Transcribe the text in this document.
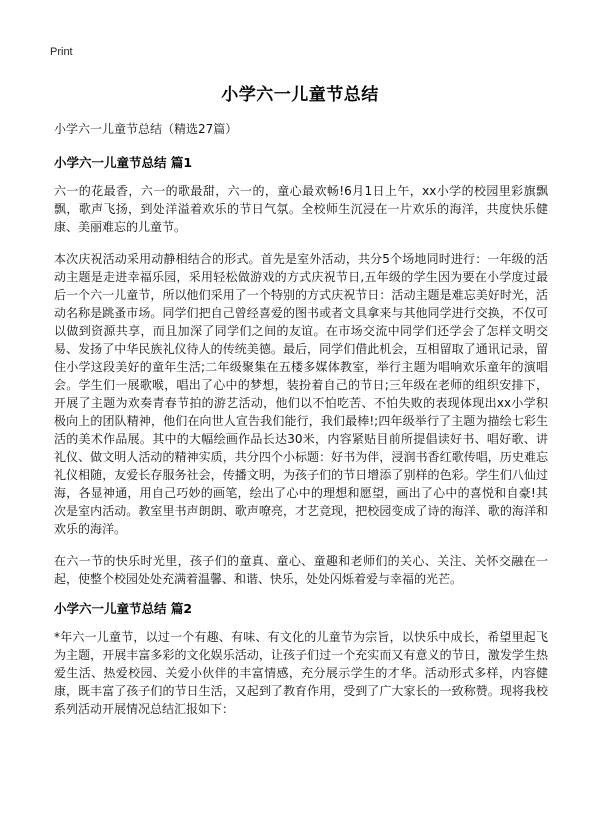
Print
小学六一儿童节总结

小学六一儿童节总结（精选27篇）

小学六一儿童节总结 篇1

六一的花最香，六一的歌最甜，六一的，童心最欢畅!6月1日上午，xx小学的校园里彩旗飘飘，歌声飞扬，到处洋溢着欢乐的节日气氛。全校师生沉浸在一片欢乐的海洋，共度快乐健康、美丽难忘的儿童节。

本次庆祝活动采用动静相结合的形式。首先是室外活动，共分5个场地同时进行：一年级的活动主题是走进幸福乐园，采用轻松做游戏的方式庆祝节日,五年级的学生因为要在小学度过最后一个六一儿童节，所以他们采用了一个特别的方式庆祝节日：活动主题是难忘美好时光，活动名称是跳蚤市场。同学们把自己曾经喜爱的图书或者文具拿来与其他同学进行交换，不仅可以做到资源共享，而且加深了同学们之间的友谊。在市场交流中同学们还学会了怎样文明交易、发扬了中华民族礼仪待人的传统美德。最后，同学们借此机会，互相留取了通讯记录，留住小学这段美好的童年生活;二年级聚集在五楼多媒体教室，举行主题为唱响欢乐童年的演唱会。学生们一展歌喉，唱出了心中的梦想，装扮着自己的节日;三年级在老师的组织安排下，开展了主题为欢奏青春节拍的游艺活动，他们以不怕吃苦、不怕失败的表现体现出xx小学积极向上的团队精神，他们在向世人宣告我们能行，我们最棒!;四年级举行了主题为描绘七彩生活的美术作品展。其中的大幅绘画作品长达30米，内容紧贴目前所提倡读好书、唱好歌、讲礼仪、做文明人活动的精神实质，共分四个小标题：好书为伴，浸润书香红歌传唱，历史难忘礼仪相随，友爱长存服务社会，传播文明，为孩子们的节日增添了别样的色彩。学生们八仙过海，各显神通，用自己巧妙的画笔，绘出了心中的理想和愿望，画出了心中的喜悦和自豪!其次是室内活动。教室里书声朗朗、歌声嘹亮，才艺竞现，把校园变成了诗的海洋、歌的海洋和欢乐的海洋。

在六一节的快乐时光里，孩子们的童真、童心、童趣和老师们的关心、关注、关怀交融在一起，使整个校园处处充满着温馨、和谐、快乐，处处闪烁着爱与幸福的光芒。

小学六一儿童节总结 篇2

*年六一儿童节，以过一个有趣、有味、有文化的儿童节为宗旨，以快乐中成长，希望里起飞为主题，开展丰富多彩的文化娱乐活动，让孩子们过一个充实而又有意义的节日，激发学生热爱生活、热爱校园、关爱小伙伴的丰富情感，充分展示学生的才华。活动形式多样，内容健康，既丰富了孩子们的节日生活，又起到了教育作用，受到了广大家长的一致称赞。现将我校系列活动开展情况总结汇报如下：
